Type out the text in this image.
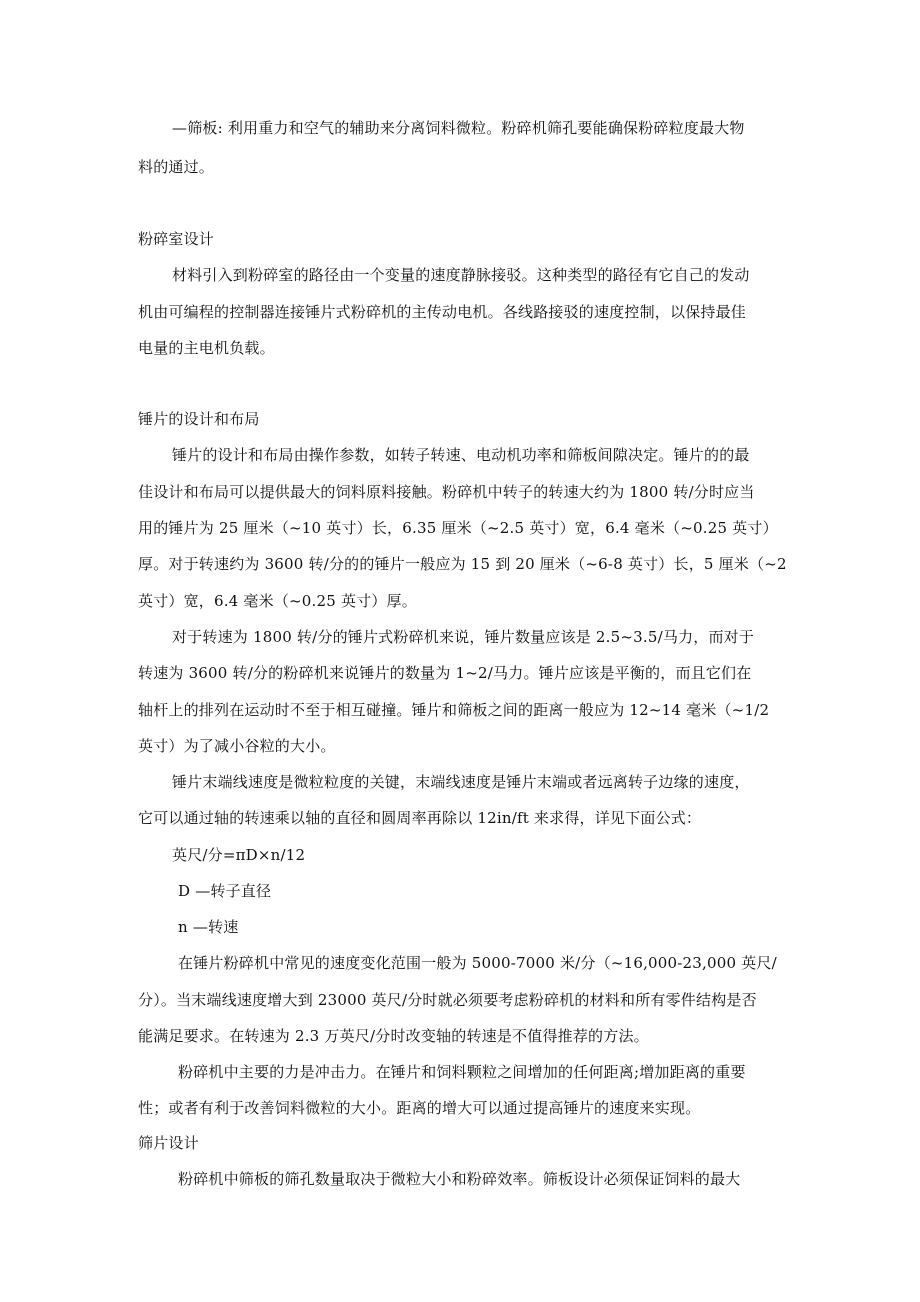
—筛板: 利用重力和空气的辅助来分离饲料微粒。粉碎机筛孔要能确保粉碎粒度最大物
料的通过。
粉碎室设计
材料引入到粉碎室的路径由一个变量的速度静脉接驳。这种类型的路径有它自己的发动
机由可编程的控制器连接锤片式粉碎机的主传动电机。各线路接驳的速度控制，以保持最佳
电量的主电机负载。
锤片的设计和布局
锤片的设计和布局由操作参数，如转子转速、电动机功率和筛板间隙决定。锤片的的最
佳设计和布局可以提供最大的饲料原料接触。粉碎机中转子的转速大约为 1800 转/分时应当
用的锤片为 25 厘米（~10 英寸）长，6.35 厘米（~2.5 英寸）宽，6.4 毫米（~0.25 英寸）
厚。对于转速约为 3600 转/分的的锤片一般应为 15 到 20 厘米（~6-8 英寸）长，5 厘米（~2
英寸）宽，6.4 毫米（~0.25 英寸）厚。
对于转速为 1800 转/分的锤片式粉碎机来说，锤片数量应该是 2.5~3.5/马力，而对于
转速为 3600 转/分的粉碎机来说锤片的数量为 1~2/马力。锤片应该是平衡的，而且它们在
轴杆上的排列在运动时不至于相互碰撞。锤片和筛板之间的距离一般应为 12~14 毫米（~1/2
英寸）为了减小谷粒的大小。
锤片末端线速度是微粒粒度的关键，末端线速度是锤片末端或者远离转子边缘的速度，
它可以通过轴的转速乘以轴的直径和圆周率再除以 12in/ft 来求得，详见下面公式：
英尺/分=πD×n/12
D —转子直径
n —转速
在锤片粉碎机中常见的速度变化范围一般为 5000-7000 米/分（~16,000-23,000 英尺/
分）。当末端线速度增大到 23000 英尺/分时就必须要考虑粉碎机的材料和所有零件结构是否
能满足要求。在转速为 2.3 万英尺/分时改变轴的转速是不值得推荐的方法。
粉碎机中主要的力是冲击力。在锤片和饲料颗粒之间增加的任何距离;增加距离的重要
性；或者有利于改善饲料微粒的大小。距离的增大可以通过提高锤片的速度来实现。
筛片设计
粉碎机中筛板的筛孔数量取决于微粒大小和粉碎效率。筛板设计必须保证饲料的最大
